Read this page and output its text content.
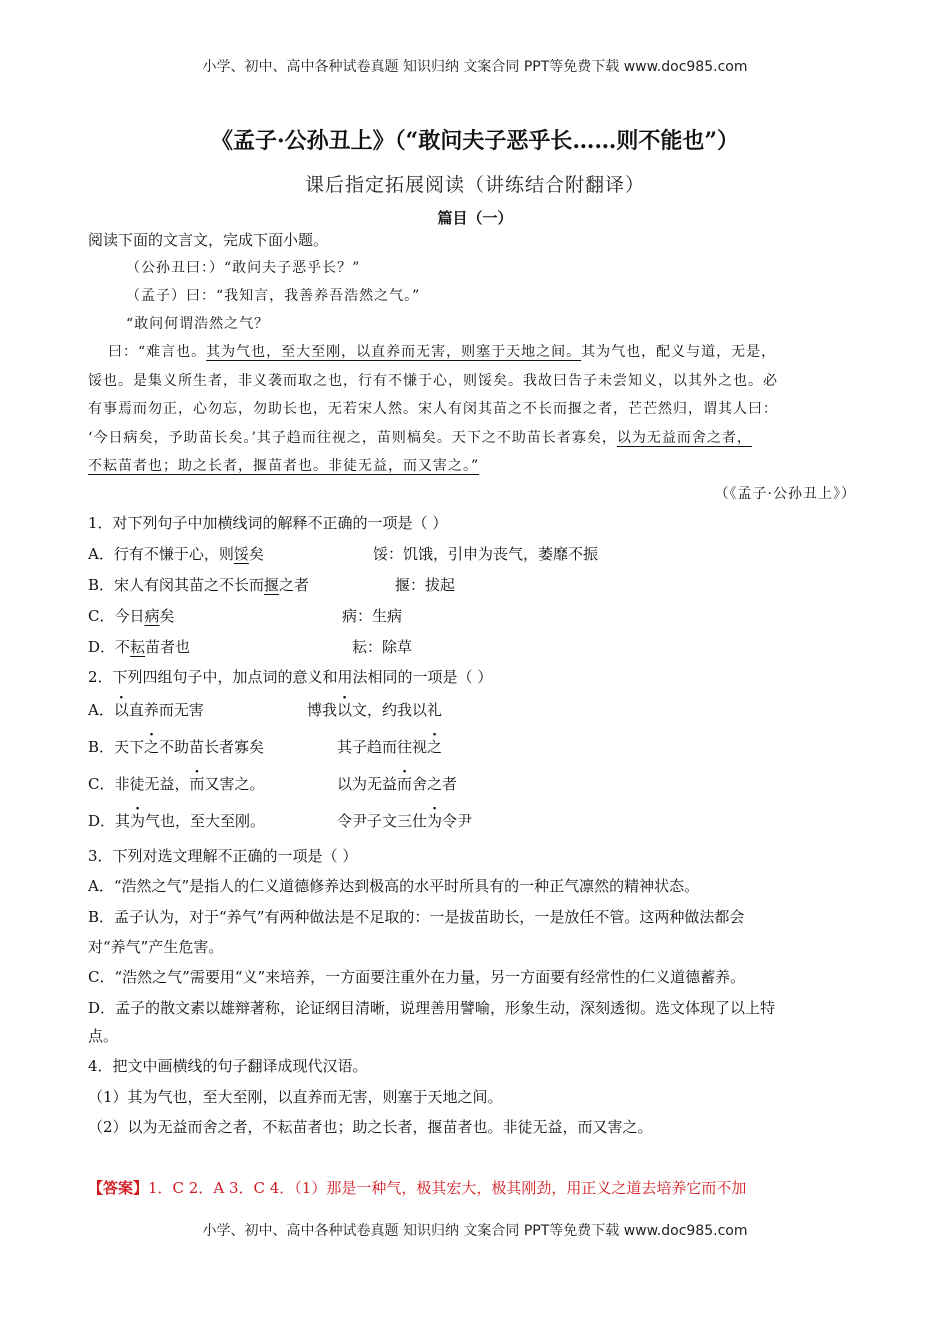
小学、初中、高中各种试卷真题 知识归纳 文案合同 PPT等免费下载 www.doc985.com
《孟子·公孙丑上》（“敢问夫子恶乎长……则不能也”）
课后指定拓展阅读（讲练结合附翻译）
篇目（一）
阅读下面的文言文，完成下面小题。
（公孙丑曰：）“敢问夫子恶乎长？”
（孟子）曰：“我知言，我善养吾浩然之气。”
“敢问何谓浩然之气？
曰：“难言也。其为气也，至大至刚，以直养而无害，则塞于天地之间。其为气也，配义与道，无是，
馁也。是集义所生者，非义袭而取之也，行有不慊于心，则馁矣。我故曰告子未尝知义，以其外之也。必
有事焉而勿正，心勿忘，勿助长也，无若宋人然。宋人有闵其苗之不长而揠之者，芒芒然归，谓其人曰：
‘今日病矣，予助苗长矣。’其子趋而往视之，苗则槁矣。天下之不助苗长者寡矣，以为无益而舍之者，
不耘苗者也；助之长者，揠苗者也。非徒无益，而又害之。”
（《孟子·公孙丑上》）
1．对下列句子中加横线词的解释不正确的一项是（ ）
A．行有不慊于心，则馁矣	馁：饥饿，引申为丧气，萎靡不振
B．宋人有闵其苗之不长而揠之者	揠：拔起
C．今日病矣	病：生病
D．不耘苗者也	耘：除草
2．下列四组句子中，加点词的意义和用法相同的一项是（ ）
A．以直养而无害	博我以文，约我以礼
B．天下之不助苗长者寡矣	其子趋而往视之
C．非徒无益，而又害之。	以为无益而舍之者
D．其为气也，至大至刚。	令尹子文三仕为令尹
3．下列对选文理解不正确的一项是（ ）
A．“浩然之气”是指人的仁义道德修养达到极高的水平时所具有的一种正气凛然的精神状态。
B．孟子认为，对于“养气”有两种做法是不足取的：一是拔苗助长，一是放任不管。这两种做法都会
对“养气”产生危害。
C．“浩然之气”需要用“义”来培养，一方面要注重外在力量，另一方面要有经常性的仁义道德蓄养。
D．孟子的散文素以雄辩著称，论证纲目清晰，说理善用譬喻，形象生动，深刻透彻。选文体现了以上特
点。
4．把文中画横线的句子翻译成现代汉语。
（1）其为气也，至大至刚，以直养而无害，则塞于天地之间。
（2）以为无益而舍之者，不耘苗者也；助之长者，揠苗者也。非徒无益，而又害之。
【答案】1．C 2．A 3．C 4．（1）那是一种气，极其宏大，极其刚劲，用正义之道去培养它而不加
小学、初中、高中各种试卷真题 知识归纳 文案合同 PPT等免费下载 www.doc985.com
